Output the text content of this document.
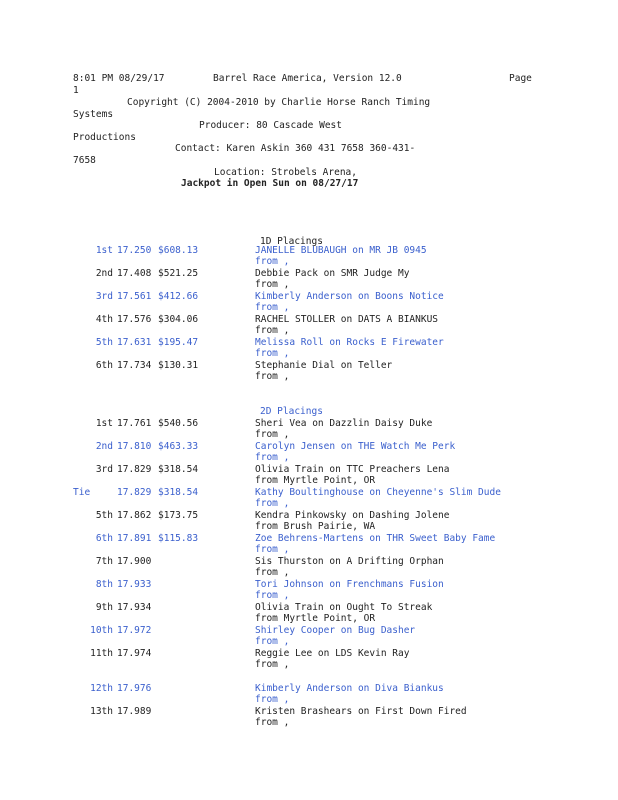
8:01 PM 08/29/17	Barrel Race America, Version 12.0	Page
1
Copyright (C) 2004-2010 by Charlie Horse Ranch Timing
Systems
Producer: 80 Cascade West
Productions
Contact: Karen Askin 360 431 7658 360-431-
7658
Location: Strobels Arena,
Jackpot in Open Sun on 08/27/17
1D Placings
1st 17.250 $608.13	JANELLE BLUBAUGH on MR JB 0945
from ,
2nd 17.408 $521.25	Debbie Pack on SMR Judge My
from ,
3rd 17.561 $412.66	Kimberly Anderson on Boons Notice
from ,
4th 17.576 $304.06	RACHEL STOLLER on DATS A BIANKUS
from ,
5th 17.631 $195.47	Melissa Roll on Rocks E Firewater
from ,
6th 17.734 $130.31	Stephanie Dial on Teller
from ,
2D Placings
1st 17.761 $540.56	Sheri Vea on Dazzlin Daisy Duke
from ,
2nd 17.810 $463.33	Carolyn Jensen on THE Watch Me Perk
from ,
3rd 17.829 $318.54	Olivia Train on TTC Preachers Lena
from Myrtle Point, OR
Tie	17.829 $318.54	Kathy Boultinghouse on Cheyenne's Slim Dude
from ,
5th 17.862 $173.75	Kendra Pinkowsky on Dashing Jolene
from Brush Pairie, WA
6th 17.891 $115.83	Zoe Behrens-Martens on THR Sweet Baby Fame
from ,
7th 17.900	Sis Thurston on A Drifting Orphan
from ,
8th 17.933	Tori Johnson on Frenchmans Fusion
from ,
9th 17.934	Olivia Train on Ought To Streak
from Myrtle Point, OR
10th 17.972	Shirley Cooper on Bug Dasher
from ,
11th 17.974	Reggie Lee on LDS Kevin Ray
from ,
12th 17.976	Kimberly Anderson on Diva Biankus
from ,
13th 17.989	Kristen Brashears on First Down Fired
from ,
